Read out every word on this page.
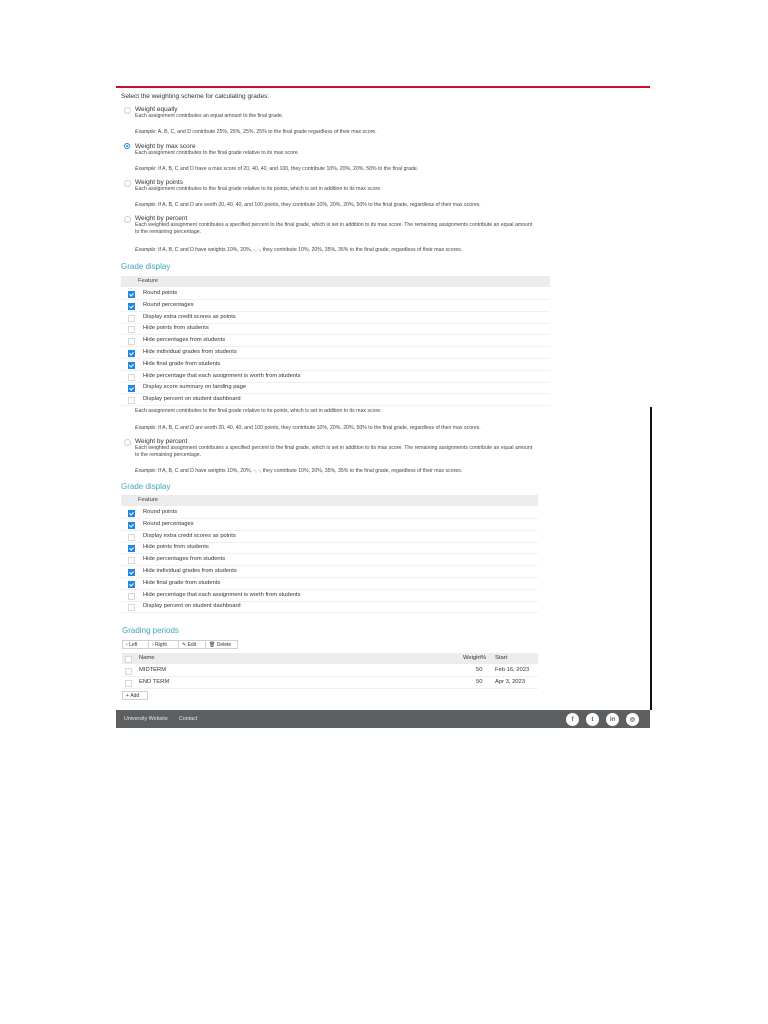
Select the weighting scheme for calculating grades:
Weight equally
Each assignment contributes an equal amount to the final grade.
Example: A, B, C, and D contribute 25%, 25%, 25%, 25% to the final grade regardless of their max score.
Weight by max score
Each assignment contributes to the final grade relative to its max score.
Example: If A, B, C and D have a max score of 20, 40, 40, and 100, they contribute 10%, 20%, 20%, 50% to the final grade.
Weight by points
Each assignment contributes to the final grade relative to its points, which is set in addition to its max score.
Example: If A, B, C and D are worth 20, 40, 40, and 100 points, they contribute 10%, 20%, 20%, 50% to the final grade, regardless of their max scores.
Weight by percent
Each weighted assignment contributes a specified percent to the final grade, which is set in addition to its max score. The remaining assignments contribute an equal amount to the remaining percentage.
Example: If A, B, C and D have weights 10%, 20%, -, -, they contribute 10%, 20%, 35%, 35% to the final grade, regardless of their max scores.
Grade display
Feature
Round points
Round percentages
Display extra credit scores as points
Hide points from students
Hide percentages from students
Hide individual grades from students
Hide final grade from students
Hide percentage that each assignment is worth from students
Display score summary on landing page
Display percent on student dashboard
Each assignment contributes to the final grade relative to its points, which is set in addition to its max score.
Example: If A, B, C and D are worth 20, 40, 40, and 100 points, they contribute 10%, 20%, 20%, 50% to the final grade, regardless of their max scores.
Weight by percent
Each weighted assignment contributes a specified percent to the final grade, which is set in addition to its max score. The remaining assignments contribute an equal amount to the remaining percentage.
Example: If A, B, C and D have weights 10%, 20%, -, -, they contribute 10%, 20%, 35%, 35% to the final grade, regardless of their max scores.
Grade display
Feature
Round points
Round percentages
Display extra credit scores as points
Hide points from students
Hide percentages from students
Hide individual grades from students
Hide final grade from students
Hide percentage that each assignment is worth from students
Display percent on student dashboard
Grading periods
‹ Left	› Right	✎ Edit	🗑 Delete
Name	Weight% Start
MIDTERM	50 Feb 16, 2023
END TERM	50 Apr 3, 2023
+ Add
University Website Contact	f	t	in	◎
